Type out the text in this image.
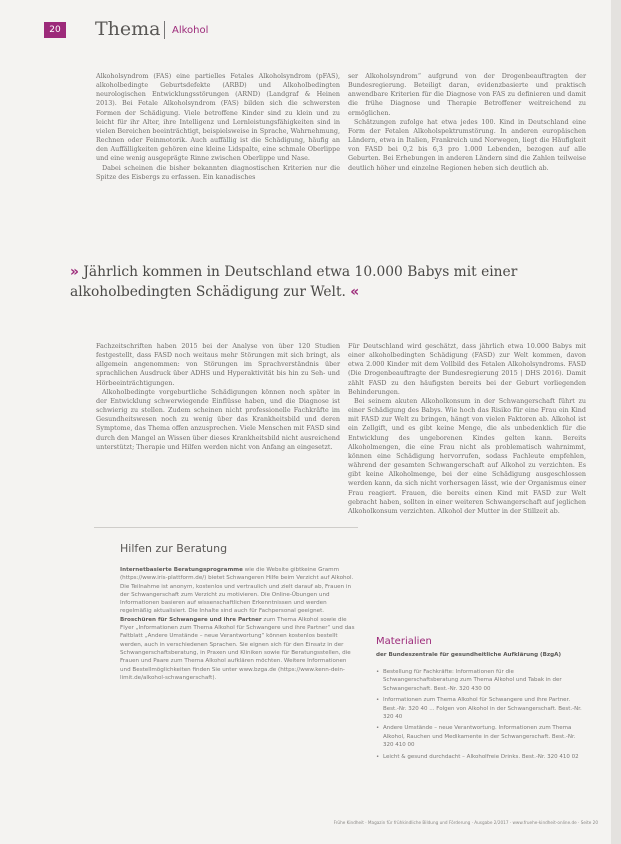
20 Thema Alkohol

Alkoholsyndrom (FAS) eine partielles Fetales Alkoholsyndrom (pFAS), alkoholbedingte Geburtsdefekte (ARBD) und Alkoholbedingten neurologischen Entwicklungsstörungen (ARND) (Landgraf & Heinen 2013). Bei Fetale Alkoholsyndrom (FAS) bilden sich die schwersten Formen der Schädigung. Viele betroffene Kinder sind zu klein und zu leicht für ihr Alter, ihre Intelligenz und Lernleistungsfähigkeiten sind in vielen Bereichen beeinträchtigt, beispielsweise in Sprache, Wahrnehmung, Rechnen oder Feinmotorik. Auch auffällig ist die Schädigung, häufig an den Auffälligkeiten gehören eine kleine Lidspalte, eine schmale Oberlippe und eine wenig ausgeprägte Rinne zwischen Oberlippe und Nase.

Dabei scheinen die bisher bekannten diagnostischen Kriterien nur die Spitze des Eisbergs zu erfassen. Ein kanadisches

ser Alkoholsyndrom“ aufgrund von der Drogenbeauftragten der Bundesregierung. Beteiligt daran, evidenzbasierte und praktisch anwendbare Kriterien für die Diagnose von FAS zu definieren und damit die frühe Diagnose und Therapie Betroffener weitreichend zu ermöglichen.

Schätzungen zufolge hat etwa jedes 100. Kind in Deutschland eine Form der Fetalen Alkoholspektrumstörung. In anderen europäischen Ländern, etwa in Italien, Frankreich und Norwegen, liegt die Häufigkeit von FASD bei 0,2 bis 6,3 pro 1.000 Lebenden, bezogen auf alle Geburten. Bei Erhebungen in anderen Ländern sind die Zahlen teilweise deutlich höher und einzelne Regionen heben sich deutlich ab.

» Jährlich kommen in Deutschland etwa 10.000 Babys mit einer alkoholbedingten Schädigung zur Welt. «

Fachzeitschriften haben 2015 bei der Analyse von über 120 Studien festgestellt, dass FASD noch weitaus mehr Störungen mit sich bringt, als allgemein angenommen: von Störungen im Sprachverständnis über sprachlichen Ausdruck über ADHS und Hyperaktivität bis hin zu Seh- und Hörbeeinträchtigungen.

Alkoholbedingte vorgeburtliche Schädigungen können noch später in der Entwicklung schwerwiegende Einflüsse haben, und die Diagnose ist schwierig zu stellen. Zudem scheinen nicht professionelle Fachkräfte im Gesundheitswesen noch zu wenig über das Krankheitsbild und deren Symptome, das Thema offen anzusprechen. Viele Menschen mit FASD sind durch den Mangel an Wissen über dieses Krankheitsbild nicht ausreichend unterstützt; Therapie und Hilfen werden nicht von Anfang an eingesetzt.

Für Deutschland wird geschätzt, dass jährlich etwa 10.000 Babys mit einer alkoholbedingten Schädigung (FASD) zur Welt kommen, davon etwa 2.000 Kinder mit dem Vollbild des Fetalen Alkoholsyndroms. FASD (Die Drogenbeauftragte der Bundesregierung 2015 | DHS 2016). Damit zählt FASD zu den häufigsten bereits bei der Geburt vorliegenden Behinderungen.

Bei seinem akuten Alkoholkonsum in der Schwangerschaft führt zu einer Schädigung des Babys. Wie hoch das Risiko für eine Frau ein Kind mit FASD zur Welt zu bringen, hängt von vielen Faktoren ab. Alkohol ist ein Zellgift, und es gibt keine Menge, die als unbedenklich für die Entwicklung des ungeborenen Kindes gelten kann. Bereits Alkoholmengen, die eine Frau nicht als problematisch wahrnimmt, können eine Schädigung hervorrufen, sodass Fachleute empfehlen, während der gesamten Schwangerschaft auf Alkohol zu verzichten. Es gibt keine Alkoholmenge, bei der eine Schädigung ausgeschlossen werden kann, da sich nicht vorhersagen lässt, wie der Organismus einer Frau reagiert. Frauen, die bereits einen Kind mit FASD zur Welt gebracht haben, sollten in einer weiteren Schwangerschaft auf jeglichen Alkoholkonsum verzichten. Alkohol der Mutter in der Stillzeit ab.

Hilfen zur Beratung
Internetbasierte Beratungsprogramme wie die Website gibtkeine Gramm (https://www.iris-plattform.de/) bietet Schwangeren Hilfe beim Verzicht auf Alkohol. Die Teilnahme ist anonym, kostenlos und vertraulich und zielt darauf ab, Frauen in der Schwangerschaft zum Verzicht zu motivieren. Die Online-Übungen und Informationen basieren auf wissenschaftlichen Erkenntnissen und werden regelmäßig aktualisiert. Die Inhalte sind auch für Fachpersonal geeignet. Broschüren für Schwangere und ihre Partner zum Thema Alkohol sowie die Flyer „Informationen zum Thema Alkohol für Schwangere und ihre Partner“ und das Faltblatt „Andere Umstände – neue Verantwortung“ können kostenlos bestellt werden, auch in verschiedenen Sprachen. Sie eignen sich für den Einsatz in der Schwangerschaftsberatung, in Praxen und Kliniken sowie für Beratungsstellen, die Frauen und Paare zum Thema Alkohol aufklären möchten. Weitere Informationen und Bestellmöglichkeiten finden Sie unter www.bzga.de (https://www.kenn-dein-limit.de/alkohol-schwangerschaft).
Materialien
der Bundeszentrale für gesundheitliche Aufklärung (BzgA)
• Bestellung für Fachkräfte: Informationen für die Schwangerschaftsberatung zum Thema Alkohol und Tabak in der Schwangerschaft. Best.-Nr. 320 430 00
• Informationen zum Thema Alkohol für Schwangere und ihre Partner. Best.-Nr. 320 40 ... Folgen von Alkohol in der Schwangerschaft. Best.-Nr. 320 40
• Andere Umstände – neue Verantwortung. Informationen zum Thema Alkohol, Rauchen und Medikamente in der Schwangerschaft. Best.-Nr. 320 410 00
• Leicht & gesund durchdacht – Alkoholfreie Drinks. Best.-Nr. 320 410 02
Frühe Kindheit · Magazin für frühkindliche Bildung und Förderung · Ausgabe 2/2017 · www.fruehe-kindheit-online.de · Seite 20
